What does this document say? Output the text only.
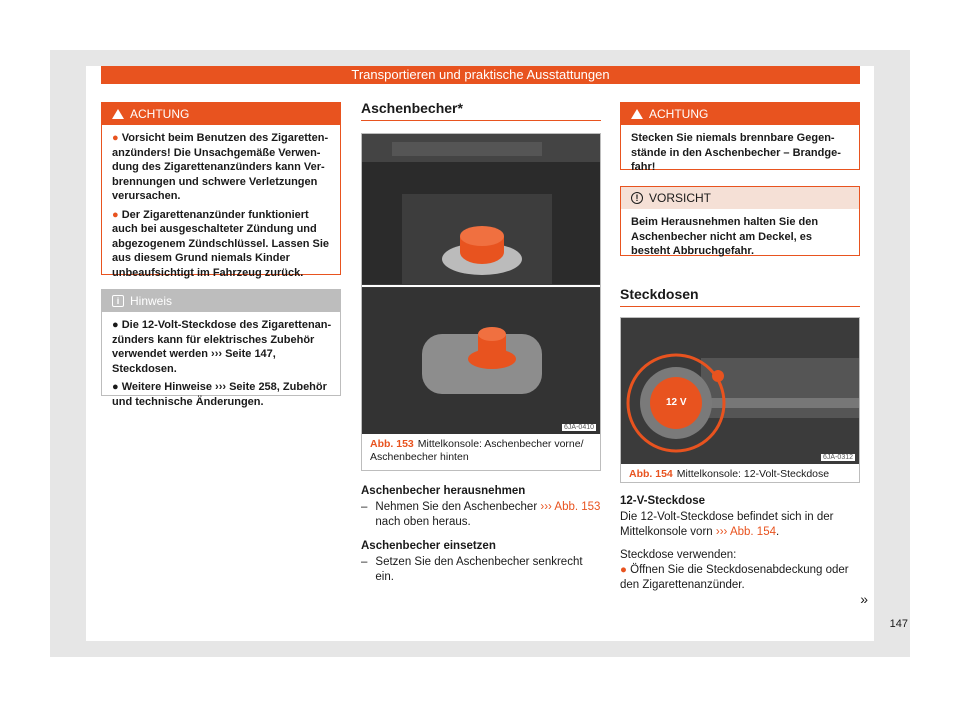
Transportieren und praktische Ausstattungen
ACHTUNG

● Vorsicht beim Benutzen des Zigarettenanzünders! Die Unsachgemäße Verwendung des Zigarettenanzünders kann Verbrennungen und schwere Verletzungen verursachen.

● Der Zigarettenanzünder funktioniert auch bei ausgeschalteter Zündung und abgezogenem Zündschlüssel. Lassen Sie aus diesem Grund niemals Kinder unbeaufsichtigt im Fahrzeug zurück.

i Hinweis

● Die 12-Volt-Steckdose des Zigarettenanzünders kann für elektrisches Zubehör verwendet werden ››› Seite 147, Steckdosen.

● Weitere Hinweise ››› Seite 258, Zubehör und technische Änderungen.

Aschenbecher*
6JA-0410
Abb. 153 Mittelkonsole: Aschenbecher vorne/ Aschenbecher hinten
Aschenbecher herausnehmen
– Nehmen Sie den Aschenbecher ››› Abb. 153
nach oben heraus.
Aschenbecher einsetzen
– Setzen Sie den Aschenbecher senkrecht ein.
ACHTUNG
Stecken Sie niemals brennbare Gegenstände in den Aschenbecher – Brandgefahr!
! VORSICHT
Beim Herausnehmen halten Sie den Aschenbecher nicht am Deckel, es besteht Abbruchgefahr.
Steckdosen
12 V
6JA-0312
Abb. 154 Mittelkonsole: 12-Volt-Steckdose
12-V-Steckdose
Die 12-Volt-Steckdose befindet sich in der Mittelkonsole vorn ››› Abb. 154.
Steckdose verwenden:
● Öffnen Sie die Steckdosenabdeckung oder den Zigarettenanzünder.
»
147
